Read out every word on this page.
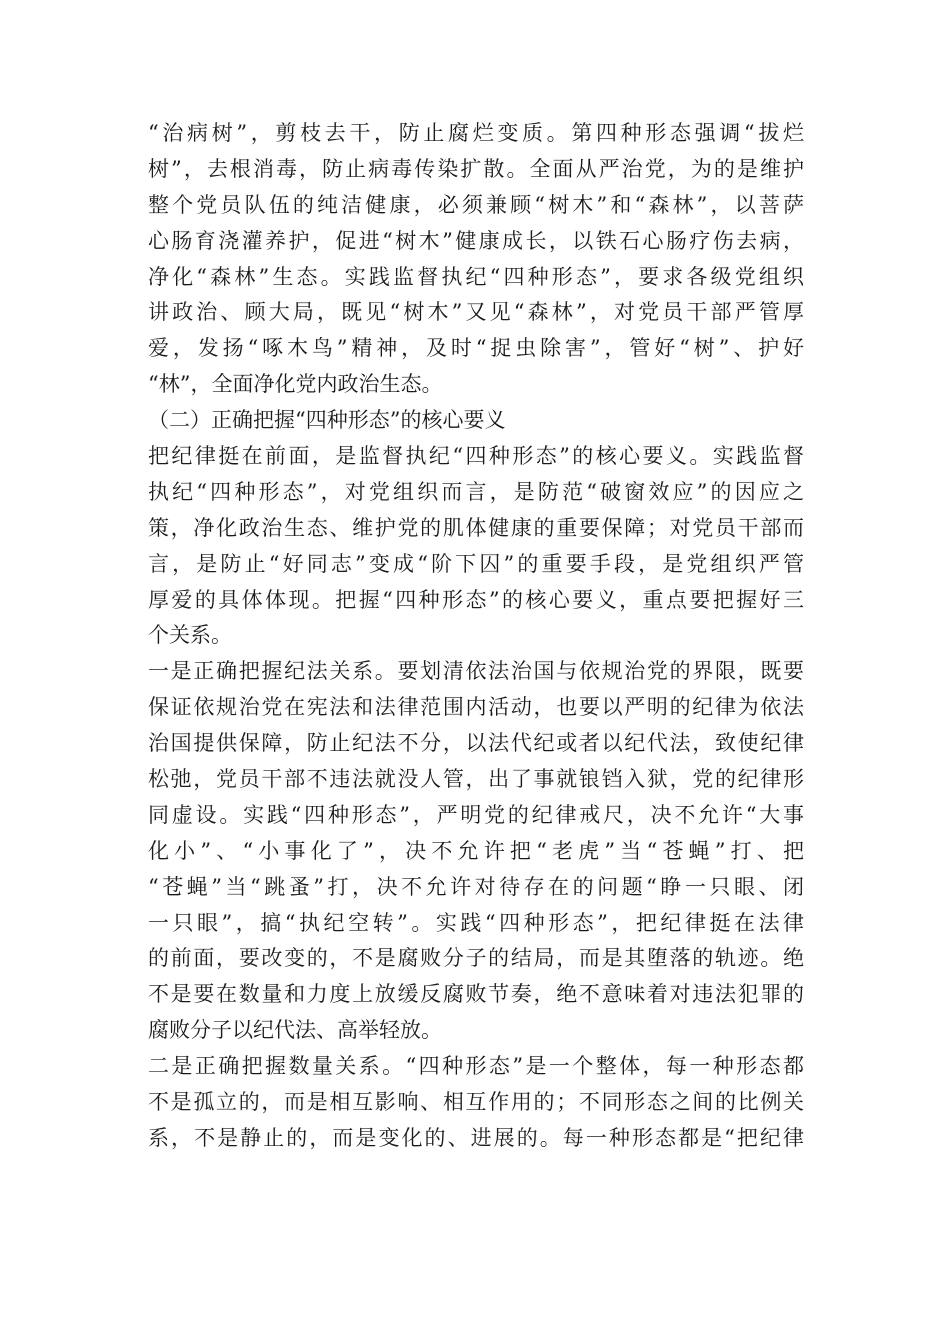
“治病树”，剪枝去干，防止腐烂变质。第四种形态强调“拔烂
树”，去根消毒，防止病毒传染扩散。全面从严治党，为的是维护
整个党员队伍的纯洁健康，必须兼顾“树木”和“森林”，以菩萨
心肠育浇灌养护，促进“树木”健康成长，以铁石心肠疗伤去病，
净化“森林”生态。实践监督执纪“四种形态”，要求各级党组织
讲政治、顾大局，既见“树木”又见“森林”，对党员干部严管厚
爱，发扬“啄木鸟”精神，及时“捉虫除害”，管好“树”、护好
“林”，全面净化党内政治生态。
（二）正确把握“四种形态”的核心要义
把纪律挺在前面，是监督执纪“四种形态”的核心要义。实践监督
执纪“四种形态”，对党组织而言，是防范“破窗效应”的因应之
策，净化政治生态、维护党的肌体健康的重要保障；对党员干部而
言，是防止“好同志”变成“阶下囚”的重要手段，是党组织严管
厚爱的具体体现。把握“四种形态”的核心要义，重点要把握好三
个关系。
一是正确把握纪法关系。要划清依法治国与依规治党的界限，既要
保证依规治党在宪法和法律范围内活动，也要以严明的纪律为依法
治国提供保障，防止纪法不分，以法代纪或者以纪代法，致使纪律
松弛，党员干部不违法就没人管，出了事就锒铛入狱，党的纪律形
同虚设。实践“四种形态”，严明党的纪律戒尺，决不允许“大事
化小”、“小事化了”，决不允许把“老虎”当“苍蝇”打、把
“苍蝇”当“跳蚤”打，决不允许对待存在的问题“睁一只眼、闭
一只眼”，搞“执纪空转”。实践“四种形态”，把纪律挺在法律
的前面，要改变的，不是腐败分子的结局，而是其堕落的轨迹。绝
不是要在数量和力度上放缓反腐败节奏，绝不意味着对违法犯罪的
腐败分子以纪代法、高举轻放。
二是正确把握数量关系。“四种形态”是一个整体，每一种形态都
不是孤立的，而是相互影响、相互作用的；不同形态之间的比例关
系，不是静止的，而是变化的、进展的。每一种形态都是“把纪律
